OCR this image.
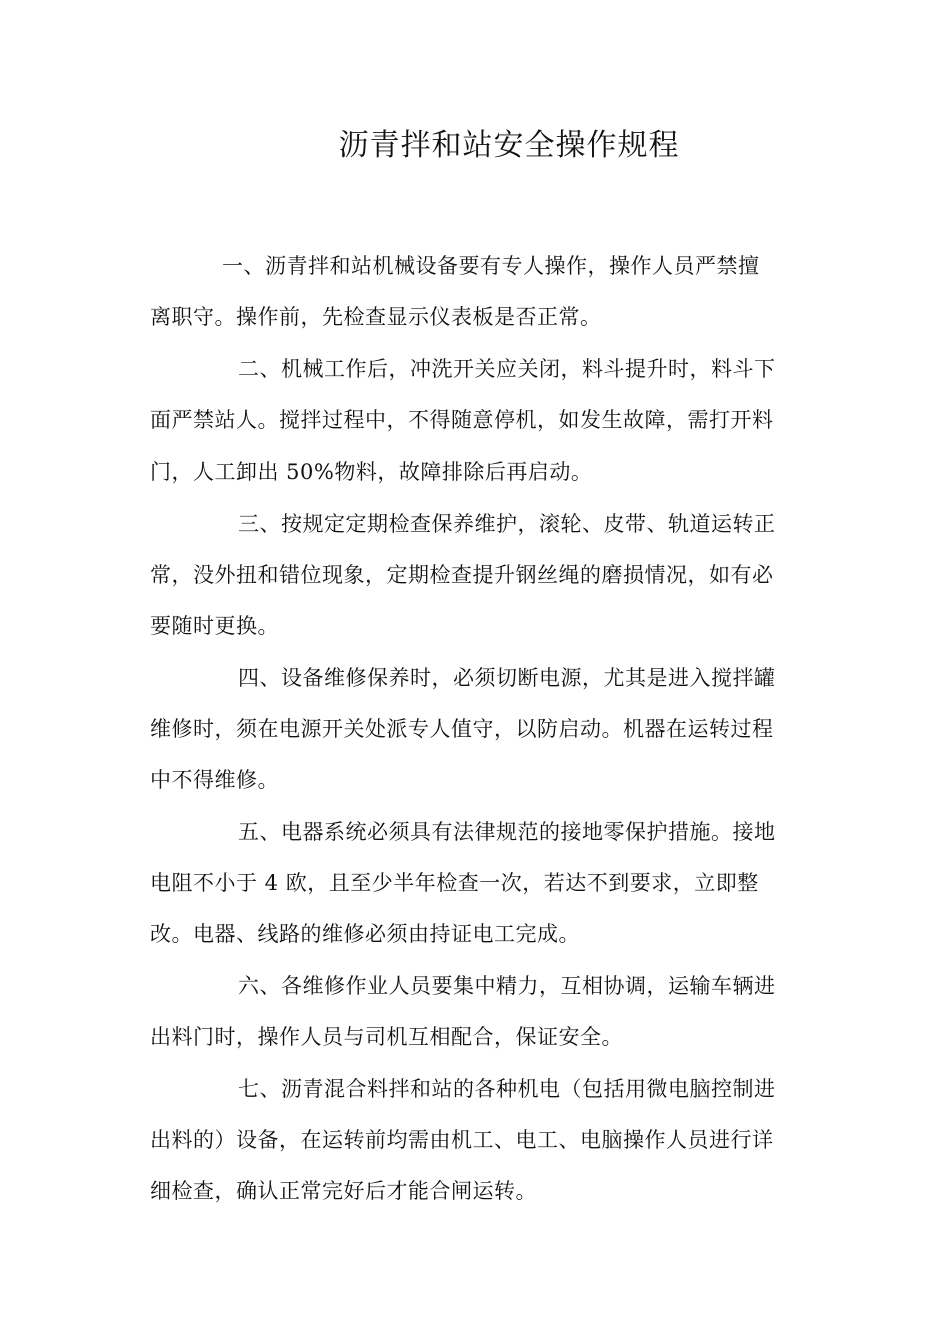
沥青拌和站安全操作规程

一、沥青拌和站机械设备要有专人操作，操作人员严禁擅

离职守。操作前，先检查显示仪表板是否正常。

二、机械工作后，冲洗开关应关闭，料斗提升时，料斗下

面严禁站人。搅拌过程中，不得随意停机，如发生故障，需打开料

门，人工卸出 50%物料，故障排除后再启动。

三、按规定定期检查保养维护，滚轮、皮带、轨道运转正

常，没外扭和错位现象，定期检查提升钢丝绳的磨损情况，如有必

要随时更换。

四、设备维修保养时，必须切断电源，尤其是进入搅拌罐

维修时，须在电源开关处派专人值守，以防启动。机器在运转过程

中不得维修。

五、电器系统必须具有法律规范的接地零保护措施。接地

电阻不小于 4 欧，且至少半年检查一次，若达不到要求，立即整

改。电器、线路的维修必须由持证电工完成。

六、各维修作业人员要集中精力，互相协调，运输车辆进

出料门时，操作人员与司机互相配合，保证安全。

七、沥青混合料拌和站的各种机电（包括用微电脑控制进

出料的）设备，在运转前均需由机工、电工、电脑操作人员进行详

细检查，确认正常完好后才能合闸运转。
